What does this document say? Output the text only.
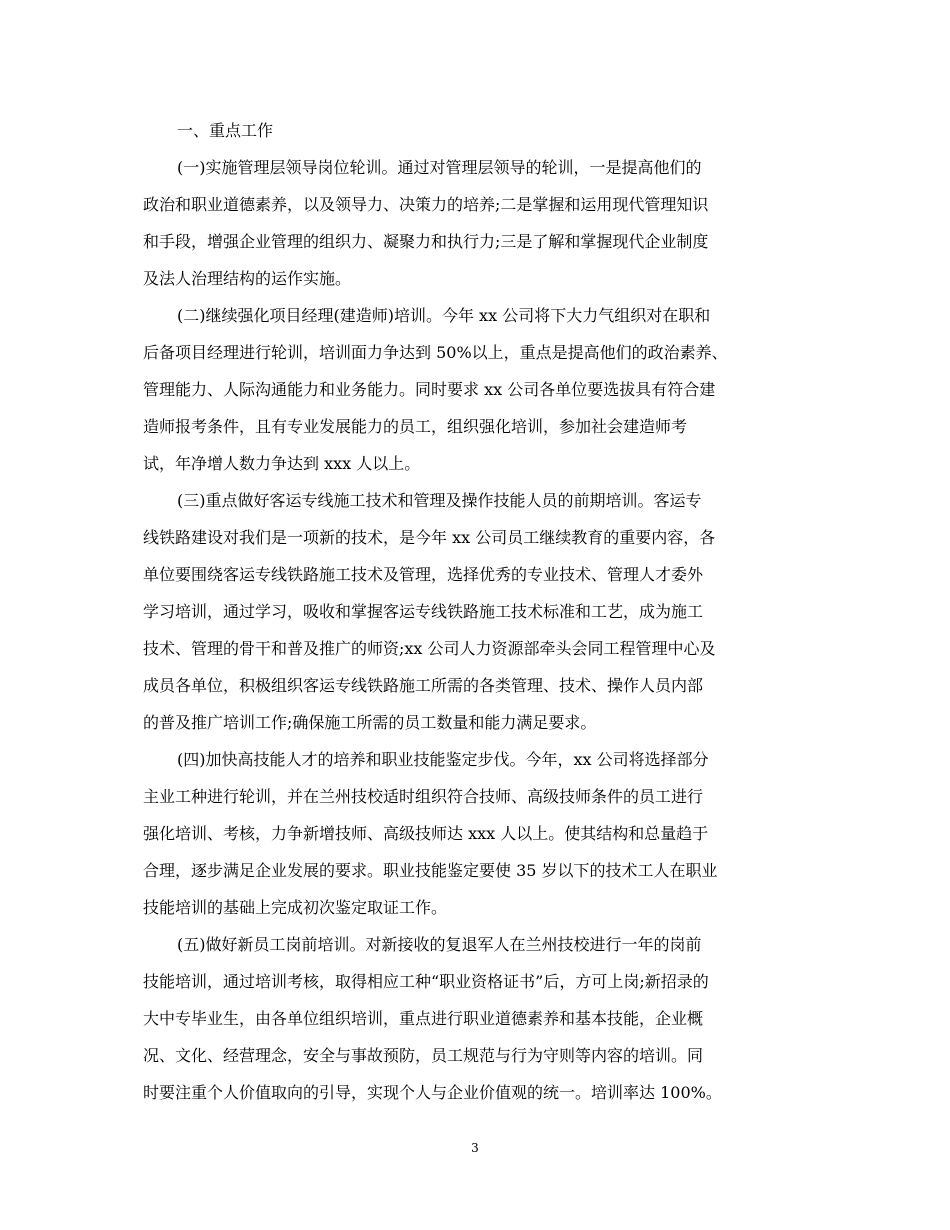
一、重点工作

(一)实施管理层领导岗位轮训。通过对管理层领导的轮训，一是提高他们的
政治和职业道德素养，以及领导力、决策力的培养;二是掌握和运用现代管理知识
和手段，增强企业管理的组织力、凝聚力和执行力;三是了解和掌握现代企业制度
及法人治理结构的运作实施。

(二)继续强化项目经理(建造师)培训。今年 xx 公司将下大力气组织对在职和
后备项目经理进行轮训，培训面力争达到 50%以上，重点是提高他们的政治素养、
管理能力、人际沟通能力和业务能力。同时要求 xx 公司各单位要选拔具有符合建
造师报考条件，且有专业发展能力的员工，组织强化培训，参加社会建造师考
试，年净增人数力争达到 xxx 人以上。

(三)重点做好客运专线施工技术和管理及操作技能人员的前期培训。客运专
线铁路建设对我们是一项新的技术，是今年 xx 公司员工继续教育的重要内容，各
单位要围绕客运专线铁路施工技术及管理，选择优秀的专业技术、管理人才委外
学习培训，通过学习，吸收和掌握客运专线铁路施工技术标准和工艺，成为施工
技术、管理的骨干和普及推广的师资;xx 公司人力资源部牵头会同工程管理中心及
成员各单位，积极组织客运专线铁路施工所需的各类管理、技术、操作人员内部
的普及推广培训工作;确保施工所需的员工数量和能力满足要求。

(四)加快高技能人才的培养和职业技能鉴定步伐。今年，xx 公司将选择部分
主业工种进行轮训，并在兰州技校适时组织符合技师、高级技师条件的员工进行
强化培训、考核，力争新增技师、高级技师达 xxx 人以上。使其结构和总量趋于
合理，逐步满足企业发展的要求。职业技能鉴定要使 35 岁以下的技术工人在职业
技能培训的基础上完成初次鉴定取证工作。

(五)做好新员工岗前培训。对新接收的复退军人在兰州技校进行一年的岗前
技能培训，通过培训考核，取得相应工种“职业资格证书”后，方可上岗;新招录的
大中专毕业生，由各单位组织培训，重点进行职业道德素养和基本技能，企业概
况、文化、经营理念，安全与事故预防，员工规范与行为守则等内容的培训。同
时要注重个人价值取向的引导，实现个人与企业价值观的统一。培训率达 100%。

3
